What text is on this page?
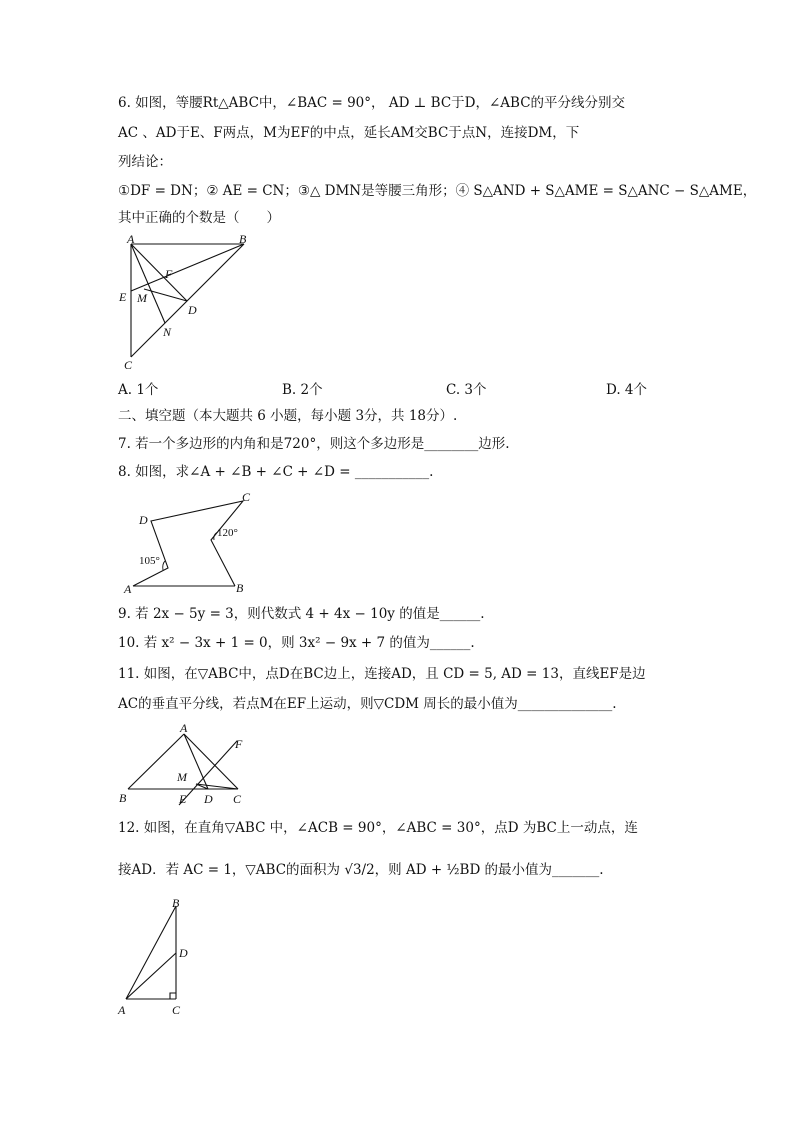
6. 如图，等腰Rt△ABC中，∠BAC = 90°， AD ⊥ BC于D，∠ABC的平分线分别交
AC 、AD于E、F两点，M为EF的中点，延长AM交BC于点N，连接DM，下
列结论：
①DF = DN；② AE = CN；③△ DMN是等腰三角形；④ S△AND + S△AME = S△ANC − S△AME，
其中正确的个数是（　　）
A	B
C
D
E
F
M
N
A. 1个	B. 2个	C. 3个	D. 4个
二、填空题（本大题共 6 小题，每小题 3分，共 18分）.
7. 若一个多边形的内角和是720°，则这个多边形是________边形.
8. 如图，求∠A + ∠B + ∠C + ∠D = ___________.
A	B
C
D
105°
120°
9. 若 2x − 5y = 3，则代数式 4 + 4x − 10y 的值是______.
10. 若 x² − 3x + 1 = 0，则 3x² − 9x + 7 的值为______.
11. 如图，在▽ABC中，点D在BC边上，连接AD，且 CD = 5, AD = 13，直线EF是边
AC的垂直平分线，若点M在EF上运动，则▽CDM 周长的最小值为______________.
A
B	C
D
E
F
M
12. 如图，在直角▽ABC 中，∠ACB = 90°，∠ABC = 30°，点D 为BC上一动点，连
接AD．若 AC = 1，▽ABC的面积为 √3/2，则 AD + ½BD 的最小值为_______.
A
B
C
D
